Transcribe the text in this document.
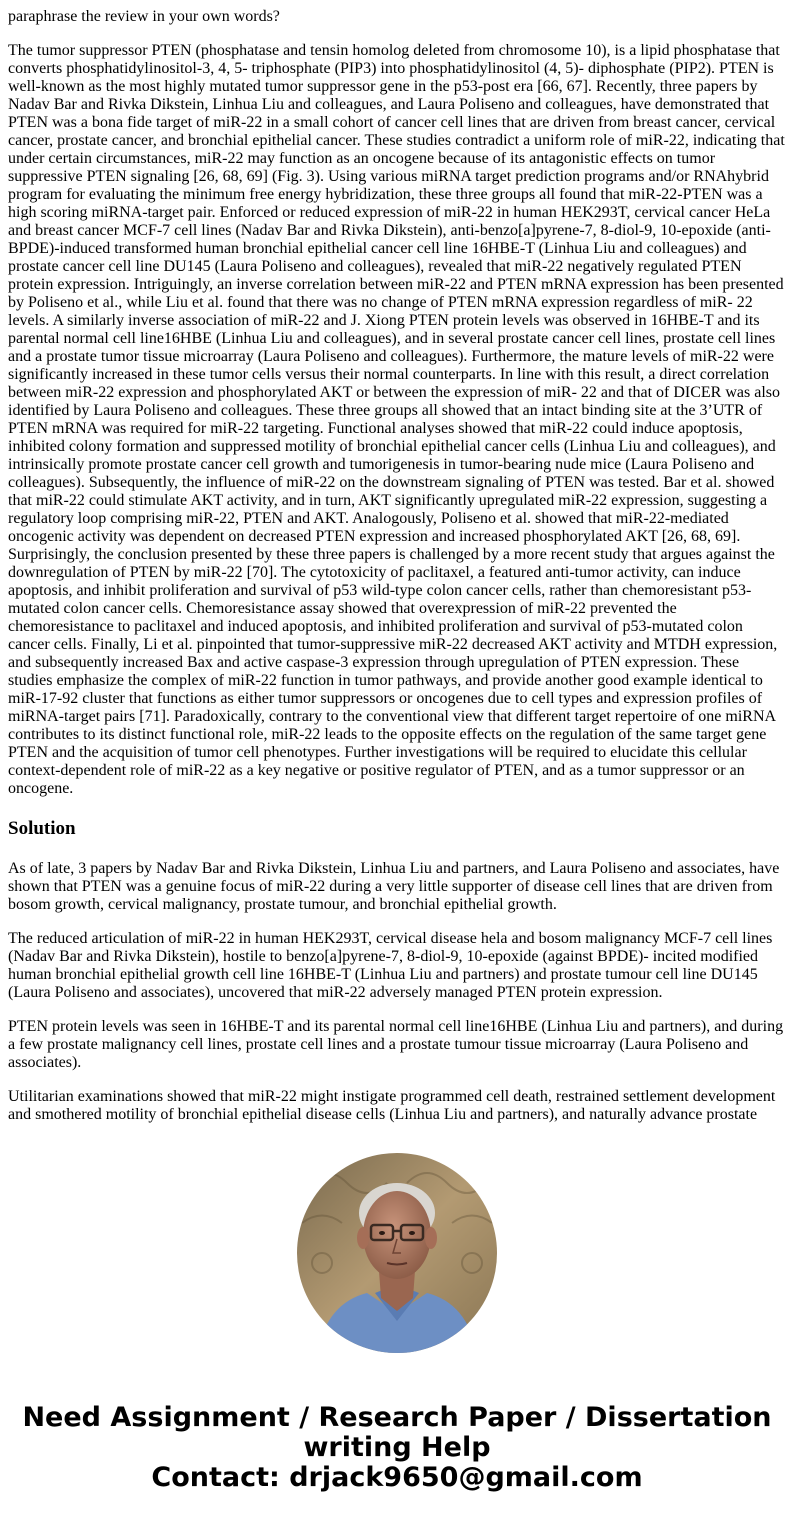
paraphrase the review in your own words?

The tumor suppressor PTEN (phosphatase and tensin homolog deleted from chromosome 10), is a lipid phosphatase that converts phosphatidylinositol-3, 4, 5- triphosphate (PIP3) into phosphatidylinositol (4, 5)- diphosphate (PIP2). PTEN is well-known as the most highly mutated tumor suppressor gene in the p53-post era [66, 67]. Recently, three papers by Nadav Bar and Rivka Dikstein, Linhua Liu and colleagues, and Laura Poliseno and colleagues, have demonstrated that PTEN was a bona fide target of miR-22 in a small cohort of cancer cell lines that are driven from breast cancer, cervical cancer, prostate cancer, and bronchial epithelial cancer. These studies contradict a uniform role of miR-22, indicating that under certain circumstances, miR-22 may function as an oncogene because of its antagonistic effects on tumor suppressive PTEN signaling [26, 68, 69] (Fig. 3). Using various miRNA target prediction programs and/or RNAhybrid program for evaluating the minimum free energy hybridization, these three groups all found that miR-22-PTEN was a high scoring miRNA-target pair. Enforced or reduced expression of miR-22 in human HEK293T, cervical cancer HeLa and breast cancer MCF-7 cell lines (Nadav Bar and Rivka Dikstein), anti-benzo[a]pyrene-7, 8-diol-9, 10-epoxide (anti-BPDE)-induced transformed human bronchial epithelial cancer cell line 16HBE-T (Linhua Liu and colleagues) and prostate cancer cell line DU145 (Laura Poliseno and colleagues), revealed that miR-22 negatively regulated PTEN protein expression. Intriguingly, an inverse correlation between miR-22 and PTEN mRNA expression has been presented by Poliseno et al., while Liu et al. found that there was no change of PTEN mRNA expression regardless of miR- 22 levels. A similarly inverse association of miR-22 and J. Xiong PTEN protein levels was observed in 16HBE-T and its parental normal cell line16HBE (Linhua Liu and colleagues), and in several prostate cancer cell lines, prostate cell lines and a prostate tumor tissue microarray (Laura Poliseno and colleagues). Furthermore, the mature levels of miR-22 were significantly increased in these tumor cells versus their normal counterparts. In line with this result, a direct correlation between miR-22 expression and phosphorylated AKT or between the expression of miR- 22 and that of DICER was also identified by Laura Poliseno and colleagues. These three groups all showed that an intact binding site at the 3’UTR of PTEN mRNA was required for miR-22 targeting. Functional analyses showed that miR-22 could induce apoptosis, inhibited colony formation and suppressed motility of bronchial epithelial cancer cells (Linhua Liu and colleagues), and intrinsically promote prostate cancer cell growth and tumorigenesis in tumor-bearing nude mice (Laura Poliseno and colleagues). Subsequently, the influence of miR-22 on the downstream signaling of PTEN was tested. Bar et al. showed that miR-22 could stimulate AKT activity, and in turn, AKT significantly upregulated miR-22 expression, suggesting a regulatory loop comprising miR-22, PTEN and AKT. Analogously, Poliseno et al. showed that miR-22-mediated oncogenic activity was dependent on decreased PTEN expression and increased phosphorylated AKT [26, 68, 69]. Surprisingly, the conclusion presented by these three papers is challenged by a more recent study that argues against the downregulation of PTEN by miR-22 [70]. The cytotoxicity of paclitaxel, a featured anti-tumor activity, can induce apoptosis, and inhibit proliferation and survival of p53 wild-type colon cancer cells, rather than chemoresistant p53-mutated colon cancer cells. Chemoresistance assay showed that overexpression of miR-22 prevented the chemoresistance to paclitaxel and induced apoptosis, and inhibited proliferation and survival of p53-mutated colon cancer cells. Finally, Li et al. pinpointed that tumor-suppressive miR-22 decreased AKT activity and MTDH expression, and subsequently increased Bax and active caspase-3 expression through upregulation of PTEN expression. These studies emphasize the complex of miR-22 function in tumor pathways, and provide another good example identical to miR-17-92 cluster that functions as either tumor suppressors or oncogenes due to cell types and expression profiles of miRNA-target pairs [71]. Paradoxically, contrary to the conventional view that different target repertoire of one miRNA contributes to its distinct functional role, miR-22 leads to the opposite effects on the regulation of the same target gene PTEN and the acquisition of tumor cell phenotypes. Further investigations will be required to elucidate this cellular context-dependent role of miR-22 as a key negative or positive regulator of PTEN, and as a tumor suppressor or an oncogene.

Solution

As of late, 3 papers by Nadav Bar and Rivka Dikstein, Linhua Liu and partners, and Laura Poliseno and associates, have shown that PTEN was a genuine focus of miR-22 during a very little supporter of disease cell lines that are driven from bosom growth, cervical malignancy, prostate tumour, and bronchial epithelial growth.

The reduced articulation of miR-22 in human HEK293T, cervical disease hela and bosom malignancy MCF-7 cell lines (Nadav Bar and Rivka Dikstein), hostile to benzo[a]pyrene-7, 8-diol-9, 10-epoxide (against BPDE)- incited modified human bronchial epithelial growth cell line 16HBE-T (Linhua Liu and partners) and prostate tumour cell line DU145 (Laura Poliseno and associates), uncovered that miR-22 adversely managed PTEN protein expression.

PTEN protein levels was seen in 16HBE-T and its parental normal cell line16HBE (Linhua Liu and partners), and during a few prostate malignancy cell lines, prostate cell lines and a prostate tumour tissue microarray (Laura Poliseno and associates).

Utilitarian examinations showed that miR-22 might instigate programmed cell death, restrained settlement development and smothered motility of bronchial epithelial disease cells (Linhua Liu and partners), and naturally advance prostate

Need Assignment / Research Paper / Dissertation
writing Help
Contact: drjack9650@gmail.com
